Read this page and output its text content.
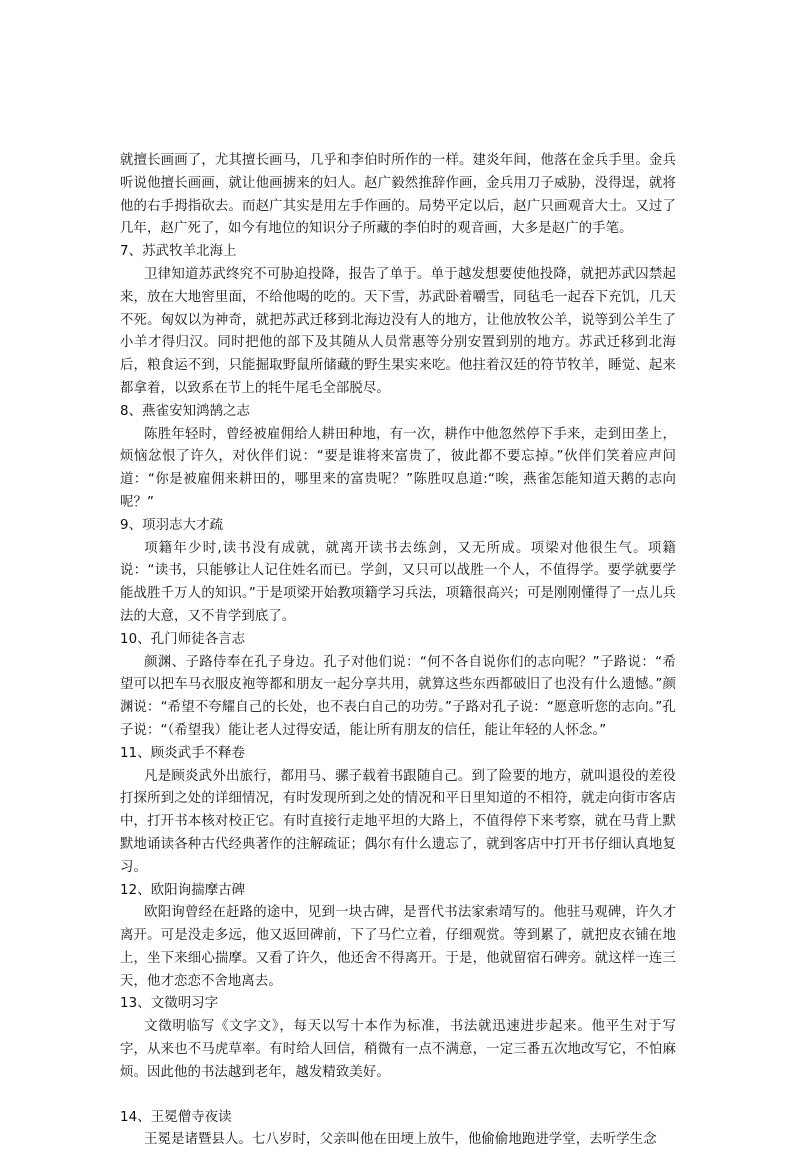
就擅长画画了，尤其擅长画马，几乎和李伯时所作的一样。建炎年间，他落在金兵手里。金兵听说他擅长画画，就让他画掳来的妇人。赵广毅然推辞作画，金兵用刀子威胁，没得逞，就将他的右手拇指砍去。而赵广其实是用左手作画的。局势平定以后，赵广只画观音大士。又过了几年，赵广死了，如今有地位的知识分子所藏的李伯时的观音画，大多是赵广的手笔。

7、苏武牧羊北海上

卫律知道苏武终究不可胁迫投降，报告了单于。单于越发想要使他投降，就把苏武囚禁起来，放在大地窖里面，不给他喝的吃的。天下雪，苏武卧着嚼雪，同毡毛一起吞下充饥，几天不死。匈奴以为神奇，就把苏武迁移到北海边没有人的地方，让他放牧公羊，说等到公羊生了小羊才得归汉。同时把他的部下及其随从人员常惠等分别安置到别的地方。苏武迁移到北海后，粮食运不到，只能掘取野鼠所储藏的野生果实来吃。他拄着汉廷的符节牧羊，睡觉、起来都拿着，以致系在节上的牦牛尾毛全部脱尽。

8、燕雀安知鸿鹄之志

陈胜年轻时，曾经被雇佣给人耕田种地，有一次，耕作中他忽然停下手来，走到田垄上，烦恼忿恨了许久，对伙伴们说：“要是谁将来富贵了，彼此都不要忘掉。”伙伴们笑着应声问道：“你是被雇佣来耕田的，哪里来的富贵呢？”陈胜叹息道:“唉，燕雀怎能知道天鹅的志向呢？”

9、项羽志大才疏

项籍年少时,读书没有成就，就离开读书去练剑，又无所成。项梁对他很生气。项籍说：“读书，只能够让人记住姓名而已。学剑，又只可以战胜一个人，不值得学。要学就要学能战胜千万人的知识。”于是项梁开始教项籍学习兵法，项籍很高兴；可是刚刚懂得了一点儿兵法的大意，又不肯学到底了。

10、孔门师徒各言志

颜渊、子路侍奉在孔子身边。孔子对他们说：“何不各自说你们的志向呢？”子路说：“希望可以把车马衣服皮袍等都和朋友一起分享共用，就算这些东西都破旧了也没有什么遗憾。”颜渊说：“希望不夸耀自己的长处，也不表白自己的功劳。”子路对孔子说：“愿意听您的志向。”孔子说：“（希望我）能让老人过得安适，能让所有朋友的信任，能让年轻的人怀念。”

11、顾炎武手不释卷

凡是顾炎武外出旅行，都用马、骡子载着书跟随自己。到了险要的地方，就叫退役的差役打探所到之处的详细情况，有时发现所到之处的情况和平日里知道的不相符，就走向街市客店中，打开书本核对校正它。有时直接行走地平坦的大路上，不值得停下来考察，就在马背上默默地诵读各种古代经典著作的注解疏证；偶尔有什么遗忘了，就到客店中打开书仔细认真地复习。

12、欧阳询揣摩古碑

欧阳询曾经在赶路的途中，见到一块古碑，是晋代书法家索靖写的。他驻马观碑，许久才离开。可是没走多远，他又返回碑前，下了马伫立着，仔细观赏。等到累了，就把皮衣铺在地上，坐下来细心揣摩。又看了许久，他还舍不得离开。于是，他就留宿石碑旁。就这样一连三天，他才恋恋不舍地离去。

13、文徵明习字

文徵明临写《文字文》，每天以写十本作为标准，书法就迅速进步起来。他平生对于写字，从来也不马虎草率。有时给人回信，稍微有一点不满意，一定三番五次地改写它，不怕麻烦。因此他的书法越到老年，越发精致美好。

14、王冕僧寺夜读

王冕是诸暨县人。七八岁时，父亲叫他在田埂上放牛，他偷偷地跑进学堂，去听学生念
